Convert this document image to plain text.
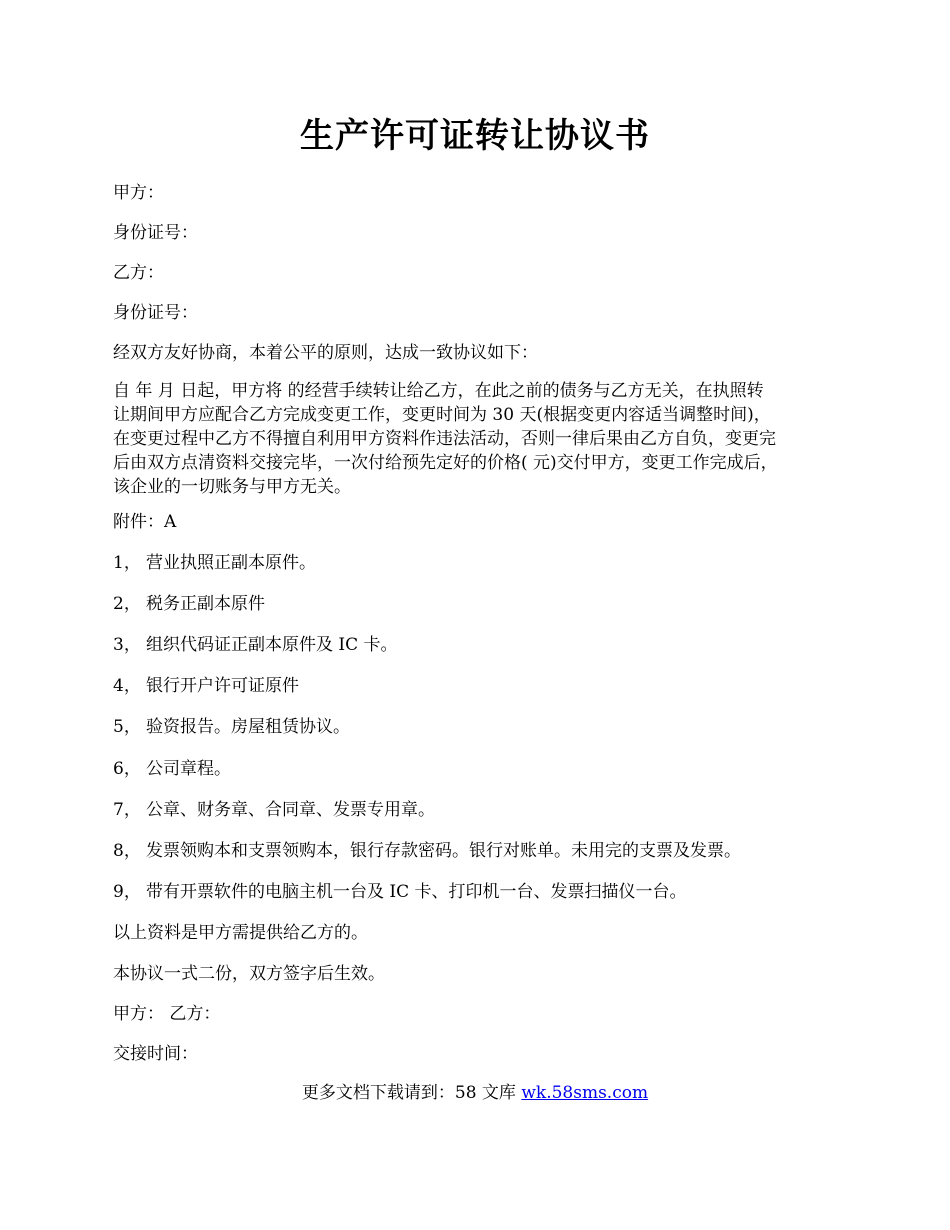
生产许可证转让协议书
甲方：
身份证号：
乙方：
身份证号：
经双方友好协商，本着公平的原则，达成一致协议如下：
自 年 月 日起，甲方将 的经营手续转让给乙方，在此之前的债务与乙方无关，在执照转
让期间甲方应配合乙方完成变更工作，变更时间为 30 天(根据变更内容适当调整时间)，
在变更过程中乙方不得擅自利用甲方资料作违法活动，否则一律后果由乙方自负，变更完
后由双方点清资料交接完毕，一次付给预先定好的价格( 元)交付甲方，变更工作完成后，
该企业的一切账务与甲方无关。
附件：A
1， 营业执照正副本原件。
2， 税务正副本原件
3， 组织代码证正副本原件及 IC 卡。
4， 银行开户许可证原件
5， 验资报告。房屋租赁协议。
6， 公司章程。
7， 公章、财务章、合同章、发票专用章。
8， 发票领购本和支票领购本，银行存款密码。银行对账单。未用完的支票及发票。
9， 带有开票软件的电脑主机一台及 IC 卡、打印机一台、发票扫描仪一台。
以上资料是甲方需提供给乙方的。
本协议一式二份，双方签字后生效。
甲方： 乙方：
交接时间：
更多文档下载请到：58 文库 wk.58sms.com
